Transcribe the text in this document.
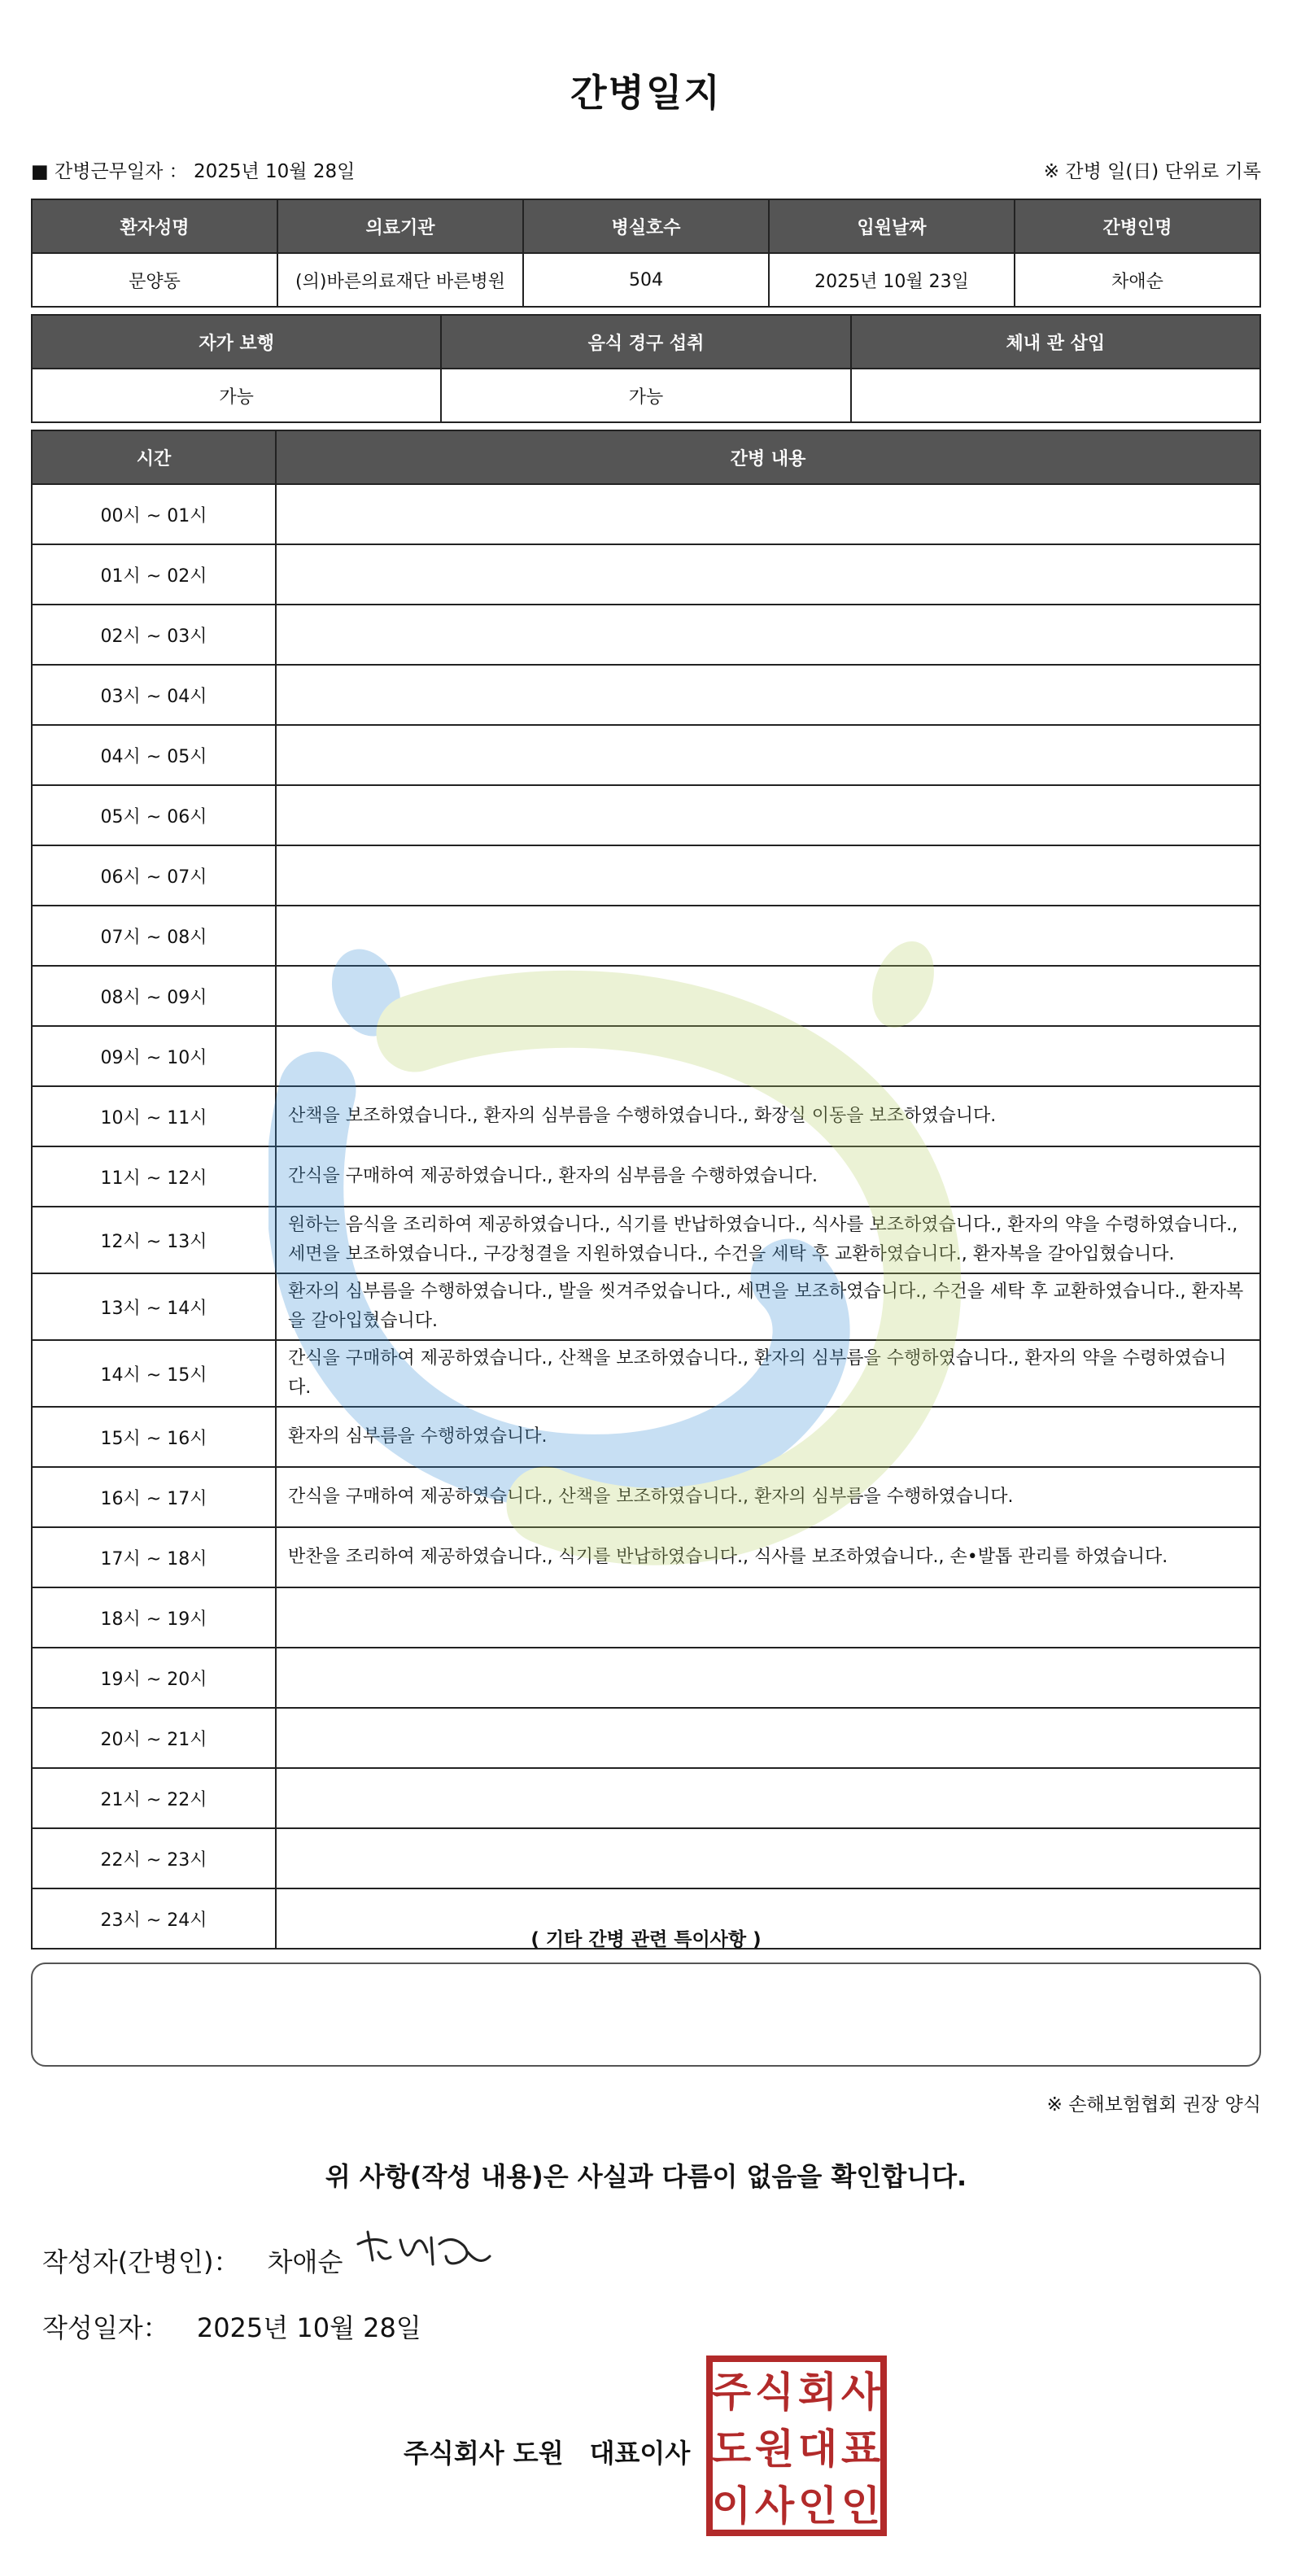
간병일지
■ 간병근무일자 ： 2025년 10월 28일	※ 간병 일(日) 단위로 기록
환자성명	의료기관	병실호수	입원날짜	간병인명
문양동	(의)바른의료재단 바른병원	504	2025년 10월 23일	차애순
자가 보행	음식 경구 섭취	체내 관 삽입
가능	가능	
시간	간병 내용
00시 ~ 01시	
01시 ~ 02시	
02시 ~ 03시	
03시 ~ 04시	
04시 ~ 05시	
05시 ~ 06시	
06시 ~ 07시	
07시 ~ 08시	
08시 ~ 09시	
09시 ~ 10시	
10시 ~ 11시	산책을 보조하였습니다., 환자의 심부름을 수행하였습니다., 화장실 이동을 보조하였습니다.
11시 ~ 12시	간식을 구매하여 제공하였습니다., 환자의 심부름을 수행하였습니다.
12시 ~ 13시	원하는 음식을 조리하여 제공하였습니다., 식기를 반납하였습니다., 식사를 보조하였습니다., 환자의 약을 수령하였습니다., 세면을 보조하였습니다., 구강청결을 지원하였습니다., 수건을 세탁 후 교환하였습니다., 환자복을 갈아입혔습니다.
13시 ~ 14시	환자의 심부름을 수행하였습니다., 발을 씻겨주었습니다., 세면을 보조하였습니다., 수건을 세탁 후 교환하였습니다., 환자복을 갈아입혔습니다.
14시 ~ 15시	간식을 구매하여 제공하였습니다., 산책을 보조하였습니다., 환자의 심부름을 수행하였습니다., 환자의 약을 수령하였습니다.
15시 ~ 16시	환자의 심부름을 수행하였습니다.
16시 ~ 17시	간식을 구매하여 제공하였습니다., 산책을 보조하였습니다., 환자의 심부름을 수행하였습니다.
17시 ~ 18시	반찬을 조리하여 제공하였습니다., 식기를 반납하였습니다., 식사를 보조하였습니다., 손•발톱 관리를 하였습니다.
18시 ~ 19시	
19시 ~ 20시	
20시 ~ 21시	
21시 ~ 22시	
22시 ~ 23시	
23시 ~ 24시	
( 기타 간병 관련 특이사항 )
※ 손해보험협회 권장 양식
위 사항(작성 내용)은 사실과 다름이 없음을 확인합니다.
작성자(간병인)： 차애순
작성일자： 2025년 10월 28일
주식회사 도원　대표이사
주 식 회 사
도 원 대 표
이 사 인 인
